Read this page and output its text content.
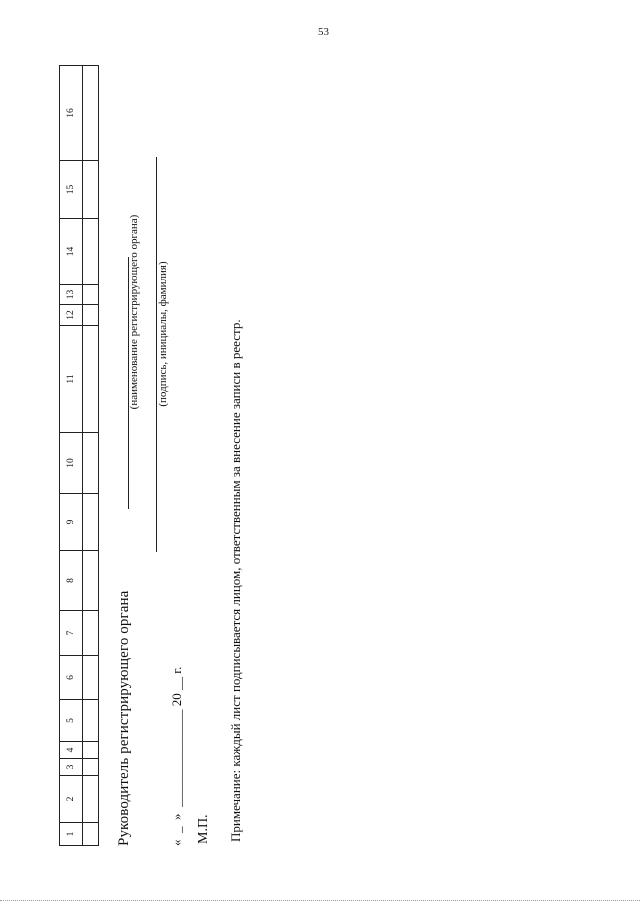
53
1	2	3	4	5	6	7	8	9	10	11	12	13	14	15	16

Руководитель регистрирующего органа
(наименование регистрирующего органа) (подпись, инициалы, фамилия)
«  _  »  _______________ 20 __ г. М.П. Примечание: каждый лист подписывается лицом, ответственным за внесение записи в реестр.
